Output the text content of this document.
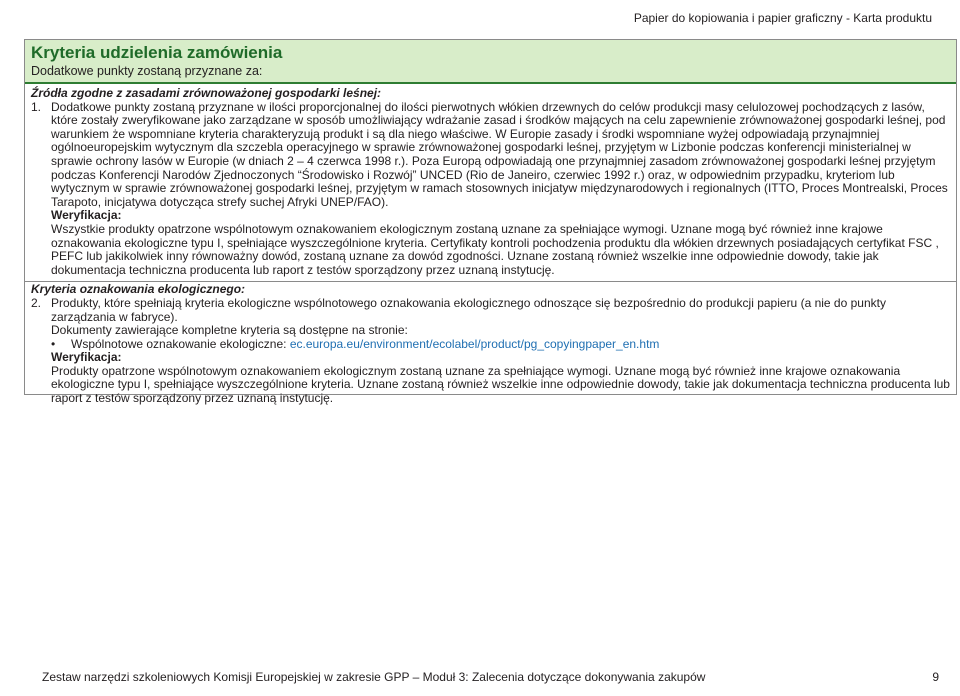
Papier do kopiowania i papier graficzny - Karta produktu
Kryteria udzielenia zamówienia
Dodatkowe punkty zostaną przyznane za:
Źródła zgodne z zasadami zrównoważonej gospodarki leśnej:
1. Dodatkowe punkty zostaną przyznane w ilości proporcjonalnej do ilości pierwotnych włókien drzewnych do celów produkcji masy celulozowej pochodzących z lasów, które zostały zweryfikowane jako zarządzane w sposób umożliwiający wdrażanie zasad i środków mających na celu zapewnienie zrównoważonej gospodarki leśnej, pod warunkiem że wspomniane kryteria charakteryzują produkt i są dla niego właściwe. W Europie zasady i środki wspomniane wyżej odpowiadają przynajmniej ogólnoeuropejskim wytycznym dla szczebla operacyjnego w sprawie zrównoważonej gospodarki leśnej, przyjętym w Lizbonie podczas konferencji ministerialnej w sprawie ochrony lasów w Europie (w dniach 2 – 4 czerwca 1998 r.). Poza Europą odpowiadają one przynajmniej zasadom zrównoważonej gospodarki leśnej przyjętym podczas Konferencji Narodów Zjednoczonych “Środowisko i Rozwój” UNCED (Rio de Janeiro, czerwiec 1992 r.) oraz, w odpowiednim przypadku, kryteriom lub wytycznym w sprawie zrównoważonej gospodarki leśnej, przyjętym w ramach stosownych inicjatyw międzynarodowych i regionalnych (ITTO, Proces Montrealski, Proces Tarapoto, inicjatywa dotycząca strefy suchej Afryki UNEP/FAO).

Weryfikacja:

Wszystkie produkty opatrzone wspólnotowym oznakowaniem ekologicznym zostaną uznane za spełniające wymogi. Uznane mogą być również inne krajowe oznakowania ekologiczne typu I, spełniające wyszczególnione kryteria. Certyfikaty kontroli pochodzenia produktu dla włókien drzewnych posiadających certyfikat FSC , PEFC lub jakikolwiek inny równoważny dowód, zostaną uznane za dowód zgodności. Uznane zostaną również wszelkie inne odpowiednie dowody, takie jak dokumentacja techniczna producenta lub raport z testów sporządzony przez uznaną instytucję.

Kryteria oznakowania ekologicznego:
2. Produkty, które spełniają kryteria ekologiczne wspólnotowego oznakowania ekologicznego odnoszące się bezpośrednio do produkcji papieru (a nie do punkty zarządzania w fabryce).

Dokumenty zawierające kompletne kryteria są dostępne na stronie:

•	Wspólnotowe oznakowanie ekologiczne: ec.europa.eu/environment/ecolabel/product/pg_copyingpaper_en.htm
Weryfikacja:

Produkty opatrzone wspólnotowym oznakowaniem ekologicznym zostaną uznane za spełniające wymogi. Uznane mogą być również inne krajowe oznakowania ekologiczne typu I, spełniające wyszczególnione kryteria. Uznane zostaną również wszelkie inne odpowiednie dowody, takie jak dokumentacja techniczna producenta lub raport z testów sporządzony przez uznaną instytucję.

Zestaw narzędzi szkoleniowych Komisji Europejskiej w zakresie GPP – Moduł 3: Zalecenia dotyczące dokonywania zakupów	9
